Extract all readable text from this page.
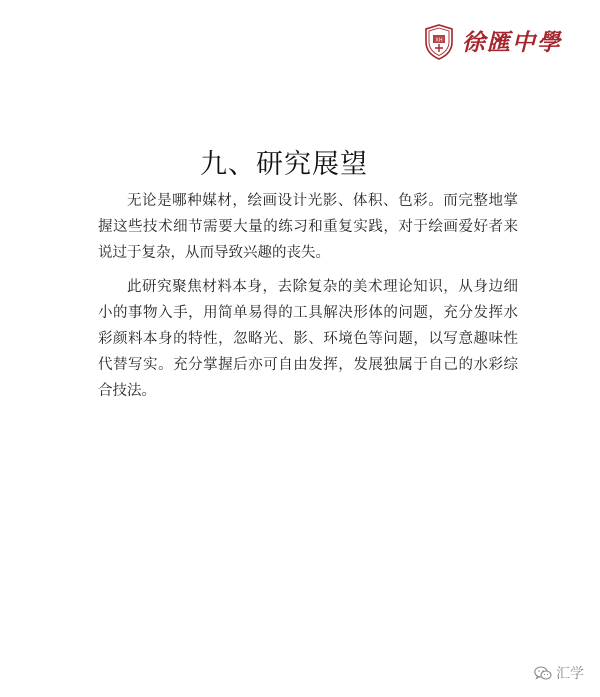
XH 徐匯中學
九、研究展望

无论是哪种媒材，绘画设计光影、体积、色彩。而完整地掌握这些技术细节需要大量的练习和重复实践，对于绘画爱好者来说过于复杂，从而导致兴趣的丧失。

此研究聚焦材料本身，去除复杂的美术理论知识，从身边细小的事物入手，用简单易得的工具解决形体的问题，充分发挥水彩颜料本身的特性，忽略光、影、环境色等问题，以写意趣味性代替写实。充分掌握后亦可自由发挥，发展独属于自己的水彩综合技法。

汇学
